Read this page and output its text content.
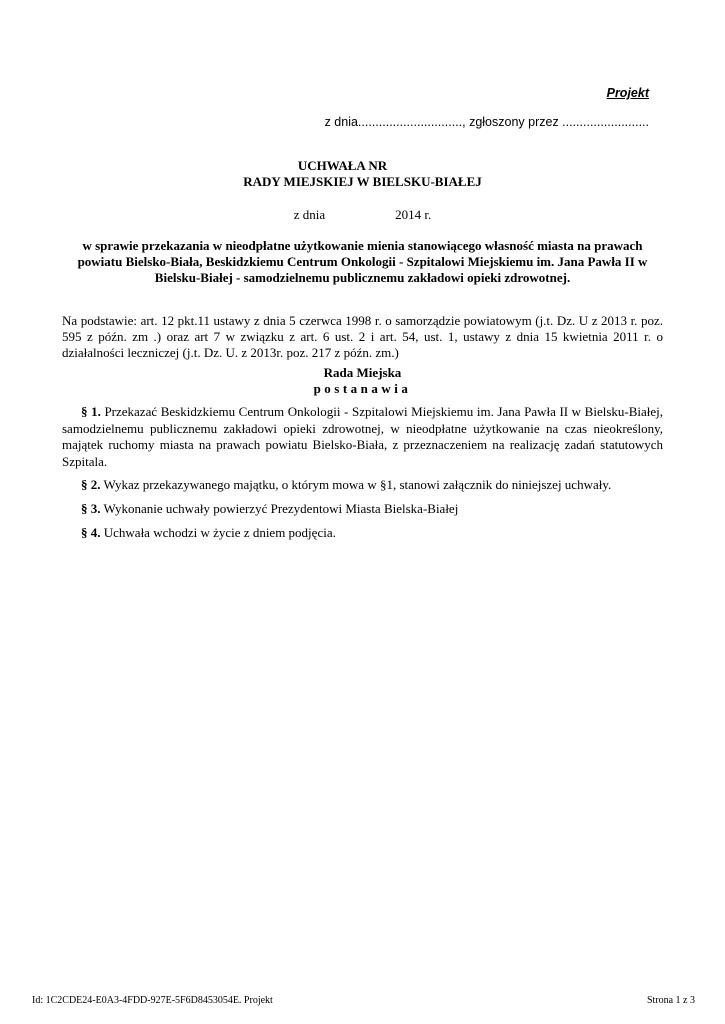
Projekt
z dnia.............................., zgłoszony przez .........................
UCHWAŁA NR
RADY MIEJSKIEJ W BIELSKU-BIAŁEJ
z dnia	2014 r.
w sprawie przekazania w nieodpłatne użytkowanie mienia stanowiącego własność miasta na prawach powiatu Bielsko-Biała, Beskidzkiemu Centrum Onkologii - Szpitalowi Miejskiemu im. Jana Pawła II w Bielsku-Białej - samodzielnemu publicznemu zakładowi opieki zdrowotnej.
Na podstawie: art. 12 pkt.11 ustawy z dnia 5 czerwca 1998 r. o samorządzie powiatowym (j.t. Dz. U z 2013 r. poz. 595 z późn. zm .) oraz art 7 w związku z art. 6 ust. 2 i art. 54, ust. 1, ustawy z dnia 15 kwietnia 2011 r. o działalności leczniczej (j.t. Dz. U. z 2013r. poz. 217 z późn. zm.)
Rada Miejska
postanawia

§ 1. Przekazać Beskidzkiemu Centrum Onkologii - Szpitalowi Miejskiemu im. Jana Pawła II w Bielsku-Białej, samodzielnemu publicznemu zakładowi opieki zdrowotnej, w nieodpłatne użytkowanie na czas nieokreślony, majątek ruchomy miasta na prawach powiatu Bielsko-Biała, z przeznaczeniem na realizację zadań statutowych Szpitala.

§ 2. Wykaz przekazywanego majątku, o którym mowa w §1, stanowi załącznik do niniejszej uchwały.

§ 3. Wykonanie uchwały powierzyć Prezydentowi Miasta Bielska-Białej

§ 4. Uchwała wchodzi w życie z dniem podjęcia.

Id: 1C2CDE24-E0A3-4FDD-927E-5F6D8453054E. Projekt	Strona 1 z 3
